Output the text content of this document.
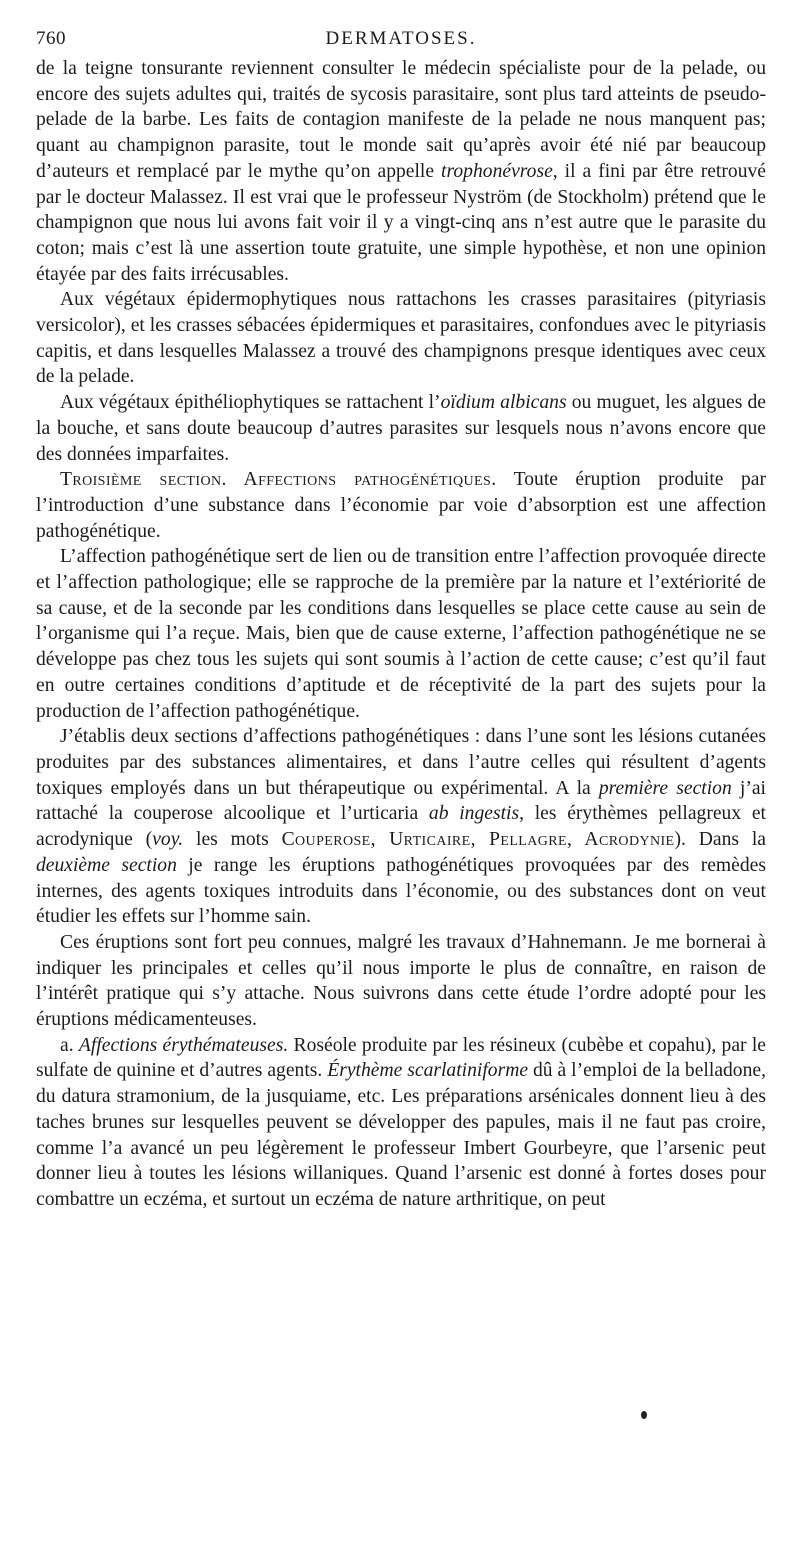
760	DERMATOSES.

de la teigne tonsurante reviennent consulter le médecin spécialiste pour de la pelade, ou encore des sujets adultes qui, traités de sycosis parasitaire, sont plus tard atteints de pseudo-pelade de la barbe. Les faits de contagion manifeste de la pelade ne nous manquent pas; quant au champignon parasite, tout le monde sait qu’après avoir été nié par beaucoup d’auteurs et remplacé par le mythe qu’on appelle trophonévrose, il a fini par être retrouvé par le docteur Malassez. Il est vrai que le professeur Nyström (de Stockholm) prétend que le champignon que nous lui avons fait voir il y a vingt-cinq ans n’est autre que le parasite du coton; mais c’est là une assertion toute gratuite, une simple hypothèse, et non une opinion étayée par des faits irrécusables.

Aux végétaux épidermophytiques nous rattachons les crasses parasitaires (pityriasis versicolor), et les crasses sébacées épidermiques et parasitaires, confondues avec le pityriasis capitis, et dans lesquelles Malassez a trouvé des champignons presque identiques avec ceux de la pelade.

Aux végétaux épithéliophytiques se rattachent l’oïdium albicans ou muguet, les algues de la bouche, et sans doute beaucoup d’autres parasites sur lesquels nous n’avons encore que des données imparfaites.

Troisième section. Affections pathogénétiques. Toute éruption produite par l’introduction d’une substance dans l’économie par voie d’absorption est une affection pathogénétique.

L’affection pathogénétique sert de lien ou de transition entre l’affection provoquée directe et l’affection pathologique; elle se rapproche de la première par la nature et l’extériorité de sa cause, et de la seconde par les conditions dans lesquelles se place cette cause au sein de l’organisme qui l’a reçue. Mais, bien que de cause externe, l’affection pathogénétique ne se développe pas chez tous les sujets qui sont soumis à l’action de cette cause; c’est qu’il faut en outre certaines conditions d’aptitude et de réceptivité de la part des sujets pour la production de l’affection pathogénétique.

J’établis deux sections d’affections pathogénétiques : dans l’une sont les lésions cutanées produites par des substances alimentaires, et dans l’autre celles qui résultent d’agents toxiques employés dans un but thérapeutique ou expérimental. A la première section j’ai rattaché la couperose alcoolique et l’urticaria ab ingestis, les érythèmes pellagreux et acrodynique (voy. les mots Couperose, Urticaire, Pellagre, Acrodynie). Dans la deuxième section je range les éruptions pathogénétiques provoquées par des remèdes internes, des agents toxiques introduits dans l’économie, ou des substances dont on veut étudier les effets sur l’homme sain.

Ces éruptions sont fort peu connues, malgré les travaux d’Hahnemann. Je me bornerai à indiquer les principales et celles qu’il nous importe le plus de connaître, en raison de l’intérêt pratique qui s’y attache. Nous suivrons dans cette étude l’ordre adopté pour les éruptions médicamenteuses.

a. Affections érythémateuses. Roséole produite par les résineux (cubèbe et copahu), par le sulfate de quinine et d’autres agents. Érythème scarlatiniforme dû à l’emploi de la belladone, du datura stramonium, de la jusquiame, etc. Les préparations arsénicales donnent lieu à des taches brunes sur lesquelles peuvent se développer des papules, mais il ne faut pas croire, comme l’a avancé un peu légèrement le professeur Imbert Gourbeyre, que l’arsenic peut donner lieu à toutes les lésions willaniques. Quand l’arsenic est donné à fortes doses pour combattre un eczéma, et surtout un eczéma de nature arthritique, on peut
